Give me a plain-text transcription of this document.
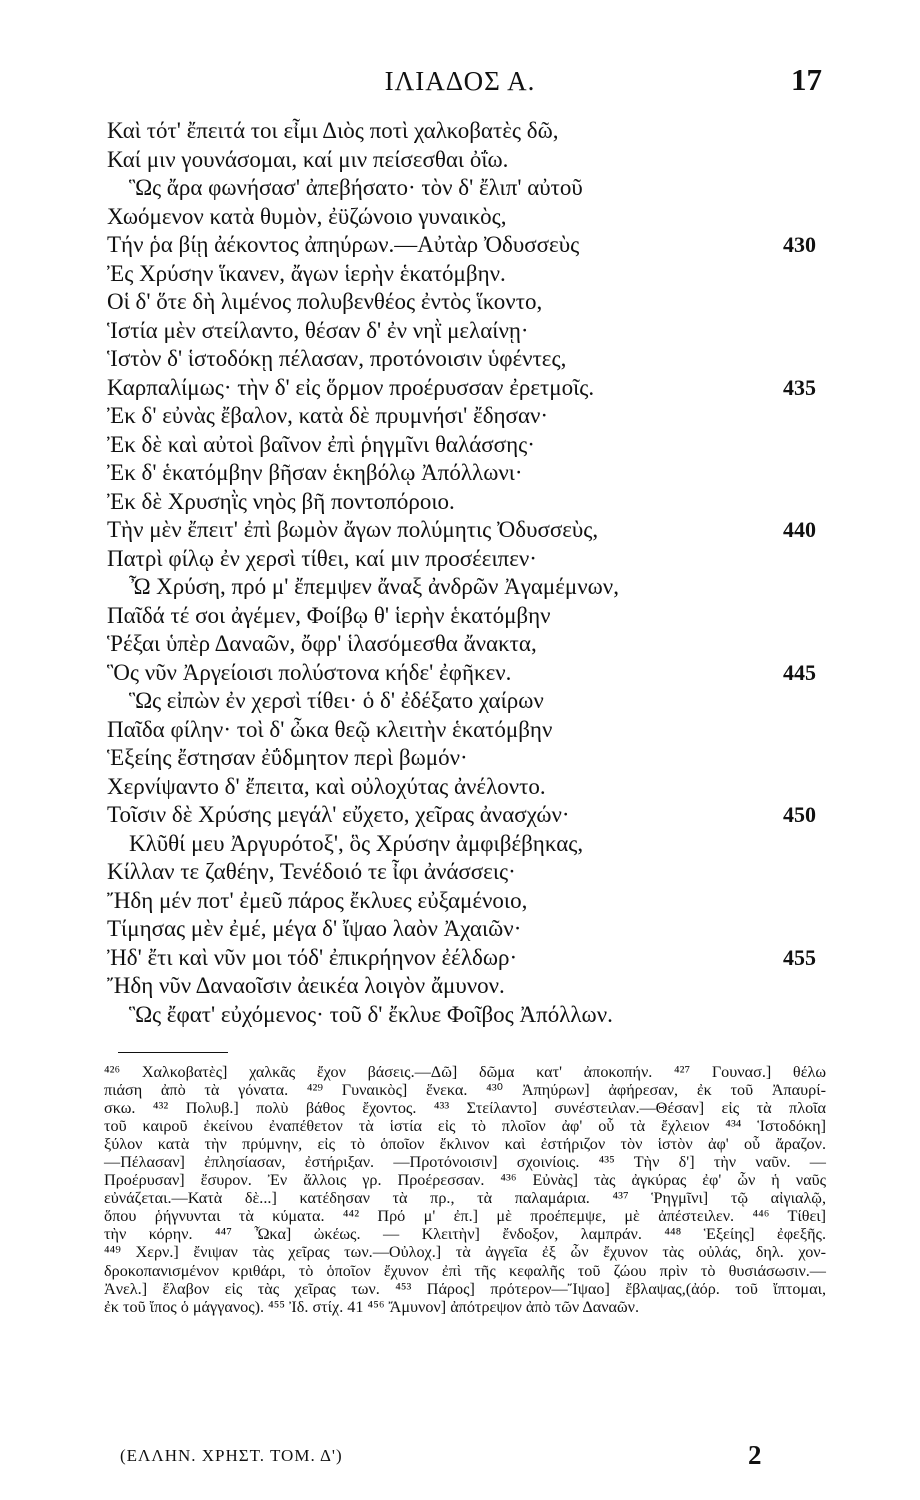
ΙΛΙΑΔΟΣ Α.	17
Καὶ τότ' ἔπειτά τοι εἶμι Διὸς ποτὶ χαλκοβατὲς δῶ,
Καί μιν γουνάσομαι, καί μιν πείσεσθαι ὀΐω.
Ὣς ἄρα φωνήσασ' ἀπεβήσατο· τὸν δ' ἔλιπ' αὐτοῦ
Χωόμενον κατὰ θυμὸν, ἐϋζώνοιο γυναικὸς,
Τήν ῥα βίῃ ἀέκοντος ἀπηύρων.—Αὐτὰρ Ὀδυσσεὺς	430
Ἐς Χρύσην ἵκανεν, ἄγων ἱερὴν ἑκατόμβην.
Οἱ δ' ὅτε δὴ λιμένος πολυβενθέος ἐντὸς ἵκοντο,
Ἱστία μὲν στείλαντο, θέσαν δ' ἐν νηῒ μελαίνῃ·
Ἱστὸν δ' ἱστοδόκῃ πέλασαν, προτόνοισιν ὑφέντες,
Καρπαλίμως· τὴν δ' εἰς ὅρμον προέρυσσαν ἐρετμοῖς.	435
Ἐκ δ' εὐνὰς ἔβαλον, κατὰ δὲ πρυμνήσι' ἔδησαν·
Ἐκ δὲ καὶ αὐτοὶ βαῖνον ἐπὶ ῥηγμῖνι θαλάσσης·
Ἐκ δ' ἑκατόμβην βῆσαν ἑκηβόλῳ Ἀπόλλωνι·
Ἐκ δὲ Χρυσηῒς νηὸς βῆ ποντοπόροιο.
Τὴν μὲν ἔπειτ' ἐπὶ βωμὸν ἄγων πολύμητις Ὀδυσσεὺς,	440
Πατρὶ φίλῳ ἐν χερσὶ τίθει, καί μιν προσέειπεν·
Ὦ Χρύση, πρό μ' ἔπεμψεν ἄναξ ἀνδρῶν Ἀγαμέμνων,
Παῖδά τέ σοι ἀγέμεν, Φοίβῳ θ' ἱερὴν ἑκατόμβην
Ῥέξαι ὑπὲρ Δαναῶν, ὄφρ' ἱλασόμεσθα ἄνακτα,
Ὃς νῦν Ἀργείοισι πολύστονα κήδε' ἐφῆκεν.	445
Ὣς εἰπὼν ἐν χερσὶ τίθει· ὁ δ' ἐδέξατο χαίρων
Παῖδα φίλην· τοὶ δ' ὦκα θεῷ κλειτὴν ἑκατόμβην
Ἑξείης ἔστησαν ἐΰδμητον περὶ βωμόν·
Χερνίψαντο δ' ἔπειτα, καὶ οὐλοχύτας ἀνέλοντο.
Τοῖσιν δὲ Χρύσης μεγάλ' εὔχετο, χεῖρας ἀνασχών·	450
Κλῦθί μευ Ἀργυρότοξ', ὃς Χρύσην ἀμφιβέβηκας,
Κίλλαν τε ζαθέην, Τενέδοιό τε ἶφι ἀνάσσεις·
Ἤδη μέν ποτ' ἐμεῦ πάρος ἔκλυες εὐξαμένοιο,
Τίμησας μὲν ἐμέ, μέγα δ' ἴψαο λαὸν Ἀχαιῶν·
Ἠδ' ἔτι καὶ νῦν μοι τόδ' ἐπικρήηνον ἐέλδωρ·	455
Ἤδη νῦν Δαναοῖσιν ἀεικέα λοιγὸν ἄμυνον.
Ὣς ἔφατ' εὐχόμενος· τοῦ δ' ἔκλυε Φοῖβος Ἀπόλλων.
⁴²⁶ Χαλκοβατὲς] χαλκᾶς ἔχον βάσεις.—Δῶ] δῶμα κατ' ἀποκοπήν. ⁴²⁷ Γουνασ.] θέλω
πιάση ἀπὸ τὰ γόνατα. ⁴²⁹ Γυναικὸς] ἕνεκα. ⁴³⁰ Ἀπηύρων] ἀφήρεσαν, ἐκ τοῦ Ἀπαυρί-
σκω. ⁴³² Πολυβ.] πολὺ βάθος ἔχοντος. ⁴³³ Στείλαντο] συνέστειλαν.—Θέσαν] εἰς τὰ πλοῖα
τοῦ καιροῦ ἐκείνου ἐναπέθετον τὰ ἱστία εἰς τὸ πλοῖον ἀφ' οὗ τὰ ἔχλειον ⁴³⁴ Ἱστοδόκη]
ξύλον κατὰ τὴν πρύμνην, εἰς τὸ ὁποῖον ἔκλινον καὶ ἐστήριζον τὸν ἱστὸν ἀφ' οὗ ἄραζον.
—Πέλασαν] ἐπλησίασαν, ἐστήριξαν. —Προτόνοισιν] σχοινίοις. ⁴³⁵ Τὴν δ'] τὴν ναῦν. —
Προέρυσαν] ἔσυρον. Ἐν ἄλλοις γρ. Προέρεσσαν. ⁴³⁶ Εὐνὰς] τὰς ἀγκύρας ἐφ' ὧν ἡ ναῦς
εὐνάζεται.—Κατὰ δὲ...] κατέδησαν τὰ πρ., τὰ παλαμάρια. ⁴³⁷ Ῥηγμῖνι] τῷ αἰγιαλῷ,
ὅπου ῥήγνυνται τὰ κύματα. ⁴⁴² Πρό μ' ἐπ.] μὲ προέπεμψε, μὲ ἀπέστειλεν. ⁴⁴⁶ Τίθει]
τὴν κόρην. ⁴⁴⁷ Ὦκα] ὠκέως. — Κλειτὴν] ἔνδοξον, λαμπράν. ⁴⁴⁸ Ἑξείης] ἐφεξῆς.
⁴⁴⁹ Χερν.] ἔνιψαν τὰς χεῖρας των.—Οὐλοχ.] τὰ ἀγγεῖα ἐξ ὧν ἔχυνον τὰς οὐλάς, δηλ. χον-
δροκοπανισμένον κριθάρι, τὸ ὁποῖον ἔχυνον ἐπὶ τῆς κεφαλῆς τοῦ ζώου πρὶν τὸ θυσιάσωσιν.—
Ἀνελ.] ἔλαβον εἰς τὰς χεῖρας των. ⁴⁵³ Πάρος] πρότερον—Ἴψαο] ἔβλαψας,(ἀόρ. τοῦ ἴπτομαι,
ἐκ τοῦ ἴπος ὁ μάγγανος). ⁴⁵⁵ Ἰδ. στίχ. 41 ⁴⁵⁶ Ἄμυνον] ἀπότρεψον ἀπὸ τῶν Δαναῶν.
(ΕΛΛΗΝ. ΧΡΗΣΤ. ΤΟΜ. Δ')	2
